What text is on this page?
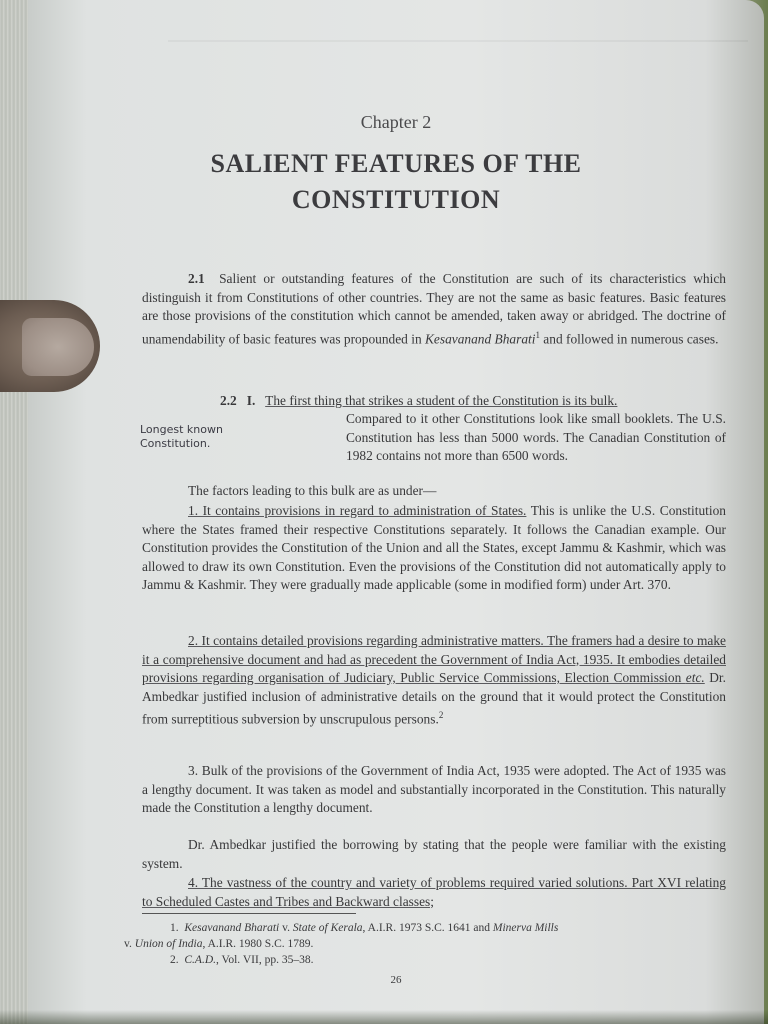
Chapter 2
SALIENT FEATURES OF THE
CONSTITUTION
2.1 Salient or outstanding features of the Constitution are such of its characteristics which distinguish it from Constitutions of other countries. They are not the same as basic features. Basic features are those provisions of the constitution which cannot be amended, taken away or abridged. The doctrine of unamendability of basic features was propounded in Kesavanand Bharati$^1$ and followed in numerous cases.
2.2 I. The first thing that strikes a student of the Constitution is its bulk.
Compared to it other Constitutions look like small booklets. The U.S. Constitution has less than 5000 words. The Canadian Constitution of 1982 contains not more than 6500 words.
Longest known
Constitution.
The factors leading to this bulk are as under—
1. It contains provisions in regard to administration of States. This is unlike the U.S. Constitution where the States framed their respective Constitutions separately. It follows the Canadian example. Our Constitution provides the Constitution of the Union and all the States, except Jammu & Kashmir, which was allowed to draw its own Constitution. Even the provisions of the Constitution did not automatically apply to Jammu & Kashmir. They were gradually made applicable (some in modified form) under Art. 370.
2. It contains detailed provisions regarding administrative matters. The framers had a desire to make it a comprehensive document and had as precedent the Government of India Act, 1935. It embodies detailed provisions regarding organisation of Judiciary, Public Service Commissions, Election Commission etc. Dr. Ambedkar justified inclusion of administrative details on the ground that it would protect the Constitution from surreptitious subversion by unscrupulous persons.$^2$
3. Bulk of the provisions of the Government of India Act, 1935 were adopted. The Act of 1935 was a lengthy document. It was taken as model and substantially incorporated in the Constitution. This naturally made the Constitution a lengthy document.
Dr. Ambedkar justified the borrowing by stating that the people were familiar with the existing system.
4. The vastness of the country and variety of problems required varied solutions. Part XVI relating to Scheduled Castes and Tribes and Backward classes;
1. Kesavanand Bharati v. State of Kerala, A.I.R. 1973 S.C. 1641 and Minerva Mills
v. Union of India, A.I.R. 1980 S.C. 1789.
2. C.A.D., Vol. VII, pp. 35–38.
26
